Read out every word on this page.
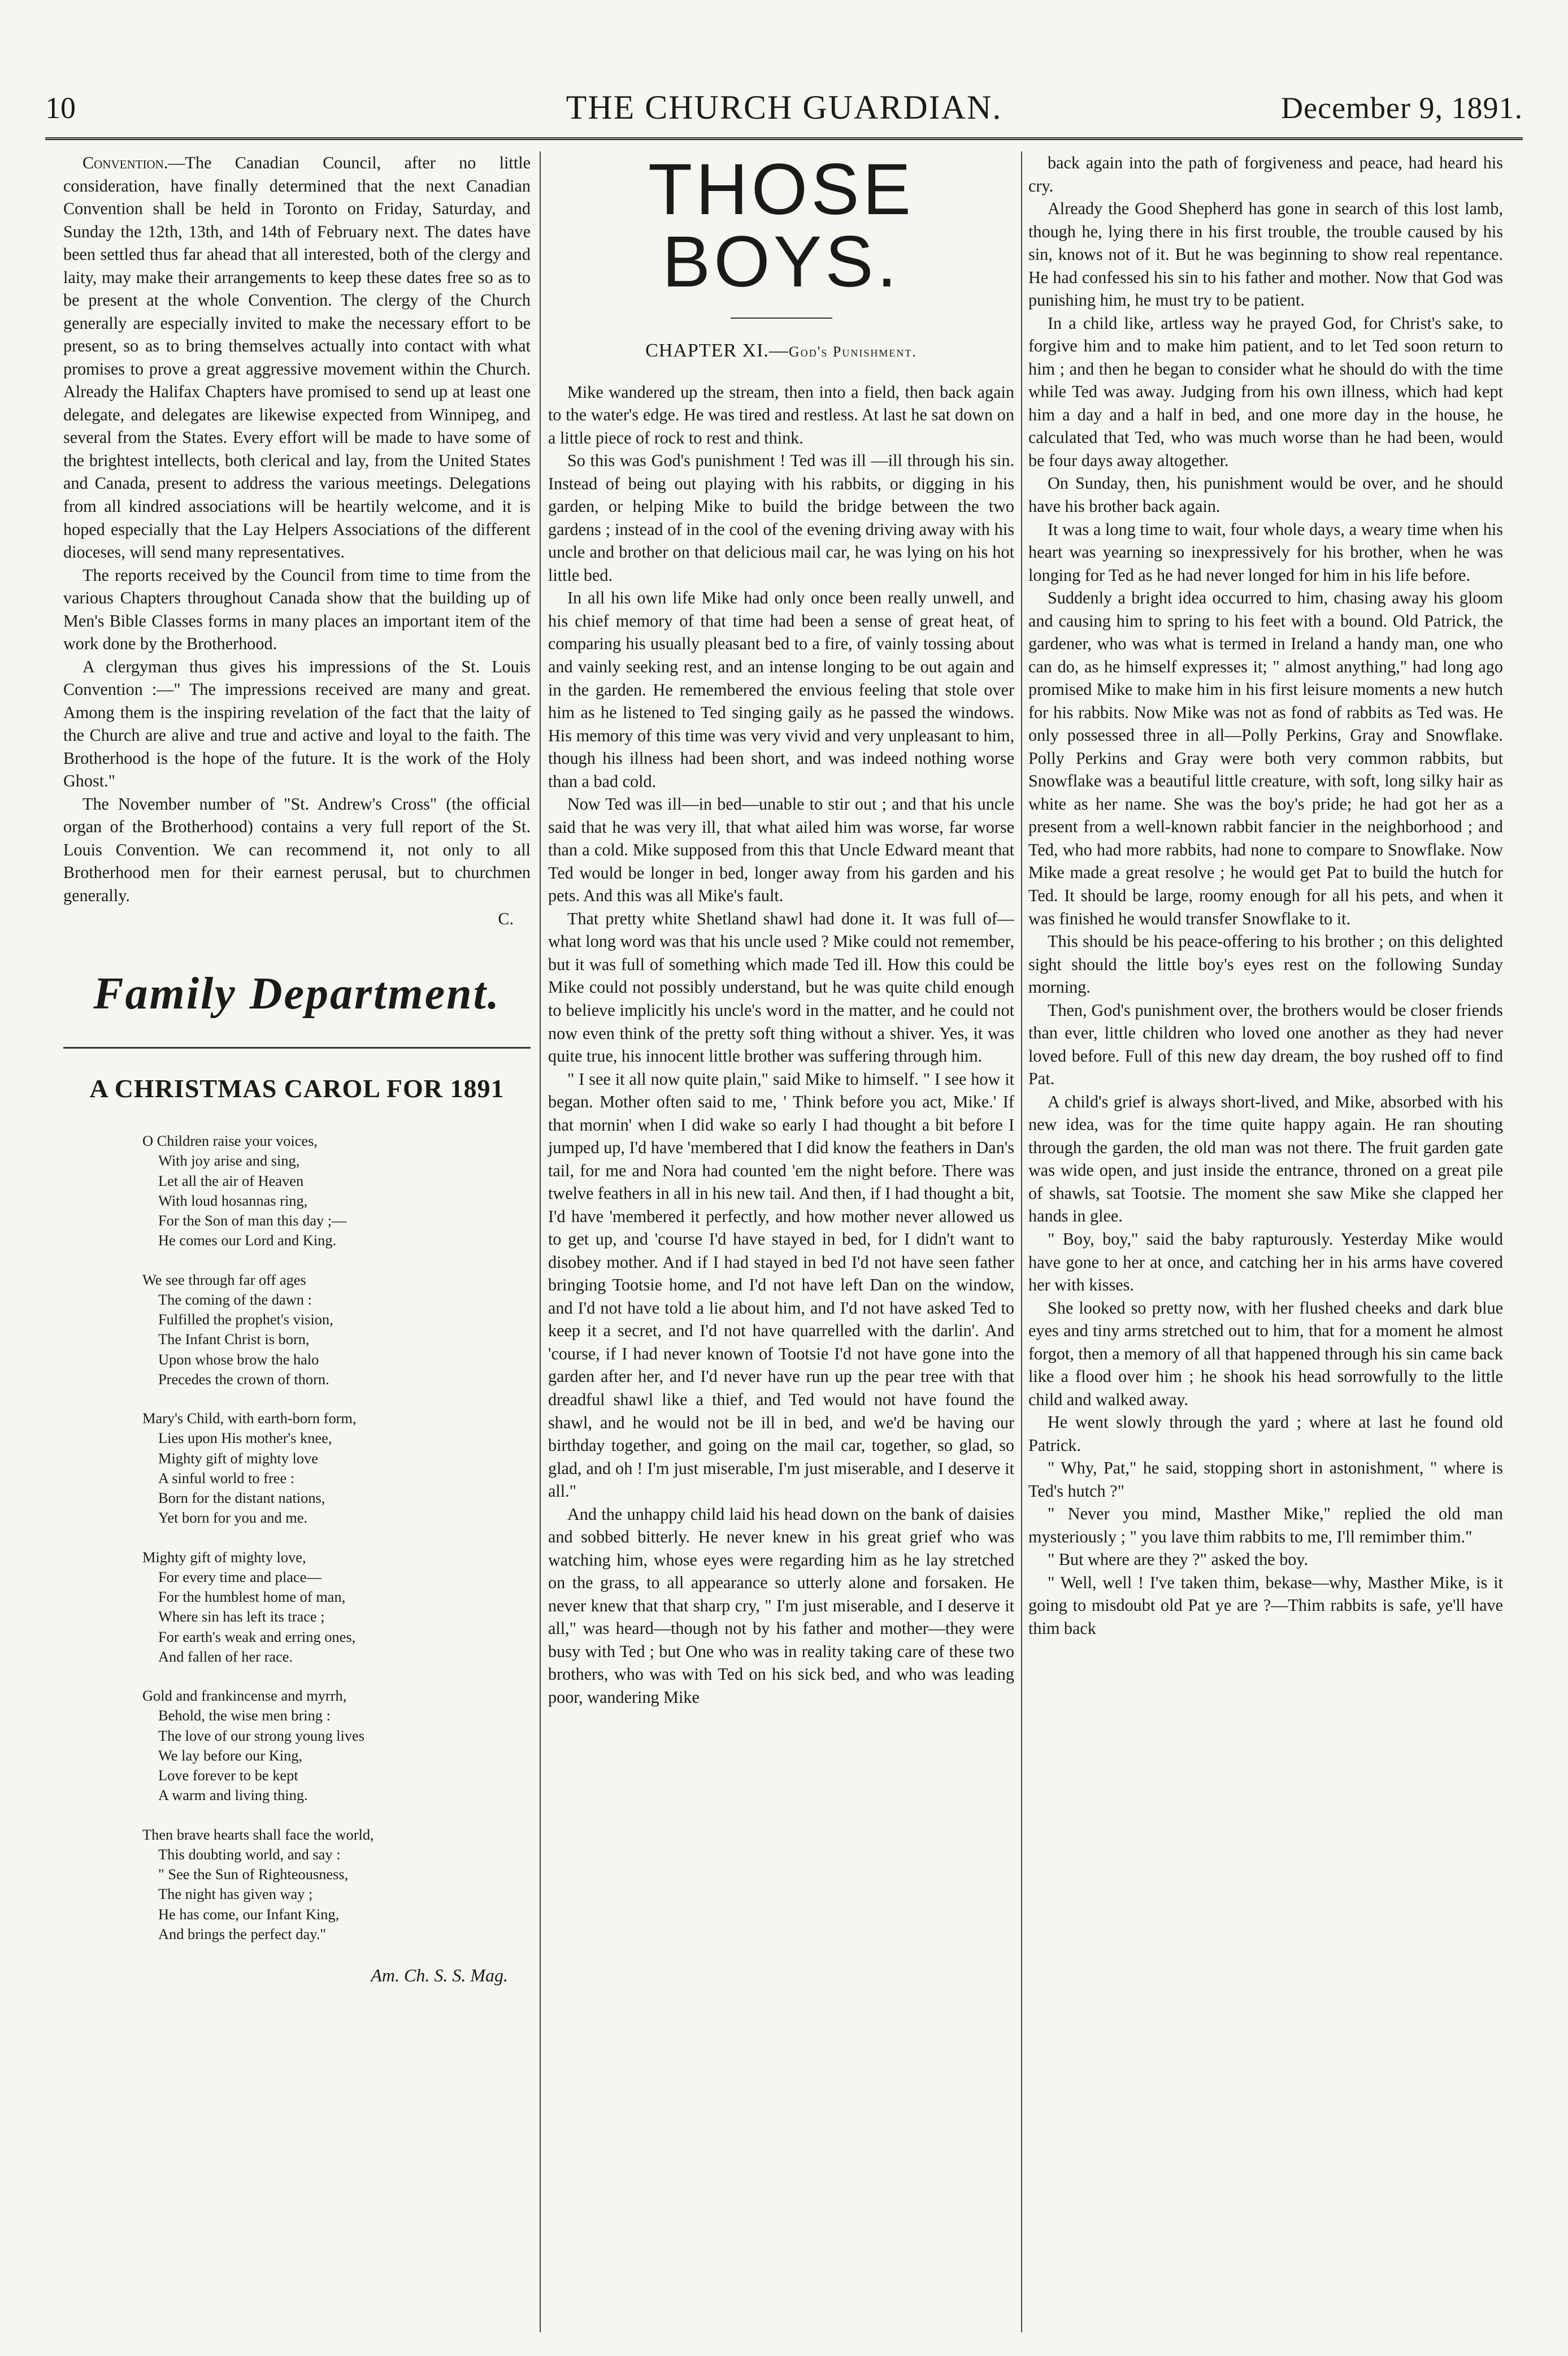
10	THE CHURCH GUARDIAN.	December 9, 1891.

Convention.—The Canadian Council, after no little consideration, have finally determined that the next Canadian Convention shall be held in Toronto on Friday, Saturday, and Sunday the 12th, 13th, and 14th of February next. The dates have been settled thus far ahead that all interested, both of the clergy and laity, may make their arrangements to keep these dates free so as to be present at the whole Convention. The clergy of the Church generally are especially invited to make the necessary effort to be present, so as to bring themselves actually into contact with what promises to prove a great aggressive movement within the Church. Already the Halifax Chapters have promised to send up at least one delegate, and delegates are likewise expected from Winnipeg, and several from the States. Every effort will be made to have some of the brightest intellects, both clerical and lay, from the United States and Canada, present to address the various meetings. Delegations from all kindred associations will be heartily welcome, and it is hoped especially that the Lay Helpers Associations of the different dioceses, will send many representatives.

The reports received by the Council from time to time from the various Chapters throughout Canada show that the building up of Men's Bible Classes forms in many places an important item of the work done by the Brotherhood.

A clergyman thus gives his impressions of the St. Louis Convention :—" The impressions received are many and great. Among them is the inspiring revelation of the fact that the laity of the Church are alive and true and active and loyal to the faith. The Brotherhood is the hope of the future. It is the work of the Holy Ghost."

The November number of "St. Andrew's Cross" (the official organ of the Brotherhood) contains a very full report of the St. Louis Convention. We can recommend it, not only to all Brotherhood men for their earnest perusal, but to churchmen generally.

C.
Family Department.
A CHRISTMAS CAROL FOR 1891
O Children raise your voices,
With joy arise and sing,
Let all the air of Heaven
With loud hosannas ring,
For the Son of man this day ;—
He comes our Lord and King.
We see through far off ages
The coming of the dawn :
Fulfilled the prophet's vision,
The Infant Christ is born,
Upon whose brow the halo
Precedes the crown of thorn.
Mary's Child, with earth-born form,
Lies upon His mother's knee,
Mighty gift of mighty love
A sinful world to free :
Born for the distant nations,
Yet born for you and me.
Mighty gift of mighty love,
For every time and place—
For the humblest home of man,
Where sin has left its trace ;
For earth's weak and erring ones,
And fallen of her race.
Gold and frankincense and myrrh,
Behold, the wise men bring :
The love of our strong young lives
We lay before our King,
Love forever to be kept
A warm and living thing.
Then brave hearts shall face the world,
This doubting world, and say :
" See the Sun of Righteousness,
The night has given way ;
He has come, our Infant King,
And brings the perfect day."
Am. Ch. S. S. Mag.
THOSE BOYS.
CHAPTER XI.—God's Punishment.

Mike wandered up the stream, then into a field, then back again to the water's edge. He was tired and restless. At last he sat down on a little piece of rock to rest and think.

So this was God's punishment ! Ted was ill —ill through his sin. Instead of being out playing with his rabbits, or digging in his garden, or helping Mike to build the bridge between the two gardens ; instead of in the cool of the evening driving away with his uncle and brother on that delicious mail car, he was lying on his hot little bed.

In all his own life Mike had only once been really unwell, and his chief memory of that time had been a sense of great heat, of comparing his usually pleasant bed to a fire, of vainly tossing about and vainly seeking rest, and an intense longing to be out again and in the garden. He remembered the envious feeling that stole over him as he listened to Ted singing gaily as he passed the windows. His memory of this time was very vivid and very unpleasant to him, though his illness had been short, and was indeed nothing worse than a bad cold.

Now Ted was ill—in bed—unable to stir out ; and that his uncle said that he was very ill, that what ailed him was worse, far worse than a cold. Mike supposed from this that Uncle Edward meant that Ted would be longer in bed, longer away from his garden and his pets. And this was all Mike's fault.

That pretty white Shetland shawl had done it. It was full of—what long word was that his uncle used ? Mike could not remember, but it was full of something which made Ted ill. How this could be Mike could not possibly understand, but he was quite child enough to believe implicitly his uncle's word in the matter, and he could not now even think of the pretty soft thing without a shiver. Yes, it was quite true, his innocent little brother was suffering through him.

" I see it all now quite plain," said Mike to himself. " I see how it began. Mother often said to me, ' Think before you act, Mike.' If that mornin' when I did wake so early I had thought a bit before I jumped up, I'd have 'membered that I did know the feathers in Dan's tail, for me and Nora had counted 'em the night before. There was twelve feathers in all in his new tail. And then, if I had thought a bit, I'd have 'membered it perfectly, and how mother never allowed us to get up, and 'course I'd have stayed in bed, for I didn't want to disobey mother. And if I had stayed in bed I'd not have seen father bringing Tootsie home, and I'd not have left Dan on the window, and I'd not have told a lie about him, and I'd not have asked Ted to keep it a secret, and I'd not have quarrelled with the darlin'. And 'course, if I had never known of Tootsie I'd not have gone into the garden after her, and I'd never have run up the pear tree with that dreadful shawl like a thief, and Ted would not have found the shawl, and he would not be ill in bed, and we'd be having our birthday together, and going on the mail car, together, so glad, so glad, and oh ! I'm just miserable, I'm just miserable, and I deserve it all."

And the unhappy child laid his head down on the bank of daisies and sobbed bitterly. He never knew in his great grief who was watching him, whose eyes were regarding him as he lay stretched on the grass, to all appearance so utterly alone and forsaken. He never knew that that sharp cry, " I'm just miserable, and I deserve it all," was heard—though not by his father and mother—they were busy with Ted ; but One who was in reality taking care of these two brothers, who was with Ted on his sick bed, and who was leading poor, wandering Mike

back again into the path of forgiveness and peace, had heard his cry.

Already the Good Shepherd has gone in search of this lost lamb, though he, lying there in his first trouble, the trouble caused by his sin, knows not of it. But he was beginning to show real repentance. He had confessed his sin to his father and mother. Now that God was punishing him, he must try to be patient.

In a child like, artless way he prayed God, for Christ's sake, to forgive him and to make him patient, and to let Ted soon return to him ; and then he began to consider what he should do with the time while Ted was away. Judging from his own illness, which had kept him a day and a half in bed, and one more day in the house, he calculated that Ted, who was much worse than he had been, would be four days away altogether.

On Sunday, then, his punishment would be over, and he should have his brother back again.

It was a long time to wait, four whole days, a weary time when his heart was yearning so inexpressively for his brother, when he was longing for Ted as he had never longed for him in his life before.

Suddenly a bright idea occurred to him, chasing away his gloom and causing him to spring to his feet with a bound. Old Patrick, the gardener, who was what is termed in Ireland a handy man, one who can do, as he himself expresses it; " almost anything," had long ago promised Mike to make him in his first leisure moments a new hutch for his rabbits. Now Mike was not as fond of rabbits as Ted was. He only possessed three in all—Polly Perkins, Gray and Snowflake. Polly Perkins and Gray were both very common rabbits, but Snowflake was a beautiful little creature, with soft, long silky hair as white as her name. She was the boy's pride; he had got her as a present from a well-known rabbit fancier in the neighborhood ; and Ted, who had more rabbits, had none to compare to Snowflake. Now Mike made a great resolve ; he would get Pat to build the hutch for Ted. It should be large, roomy enough for all his pets, and when it was finished he would transfer Snowflake to it.

This should be his peace-offering to his brother ; on this delighted sight should the little boy's eyes rest on the following Sunday morning.

Then, God's punishment over, the brothers would be closer friends than ever, little children who loved one another as they had never loved before. Full of this new day dream, the boy rushed off to find Pat.

A child's grief is always short-lived, and Mike, absorbed with his new idea, was for the time quite happy again. He ran shouting through the garden, the old man was not there. The fruit garden gate was wide open, and just inside the entrance, throned on a great pile of shawls, sat Tootsie. The moment she saw Mike she clapped her hands in glee.

" Boy, boy," said the baby rapturously. Yesterday Mike would have gone to her at once, and catching her in his arms have covered her with kisses.

She looked so pretty now, with her flushed cheeks and dark blue eyes and tiny arms stretched out to him, that for a moment he almost forgot, then a memory of all that happened through his sin came back like a flood over him ; he shook his head sorrowfully to the little child and walked away.

He went slowly through the yard ; where at last he found old Patrick.

" Why, Pat," he said, stopping short in astonishment, " where is Ted's hutch ?"

" Never you mind, Masther Mike," replied the old man mysteriously ; " you lave thim rabbits to me, I'll remimber thim."

" But where are they ?" asked the boy.

" Well, well ! I've taken thim, bekase—why, Masther Mike, is it going to misdoubt old Pat ye are ?—Thim rabbits is safe, ye'll have thim back
